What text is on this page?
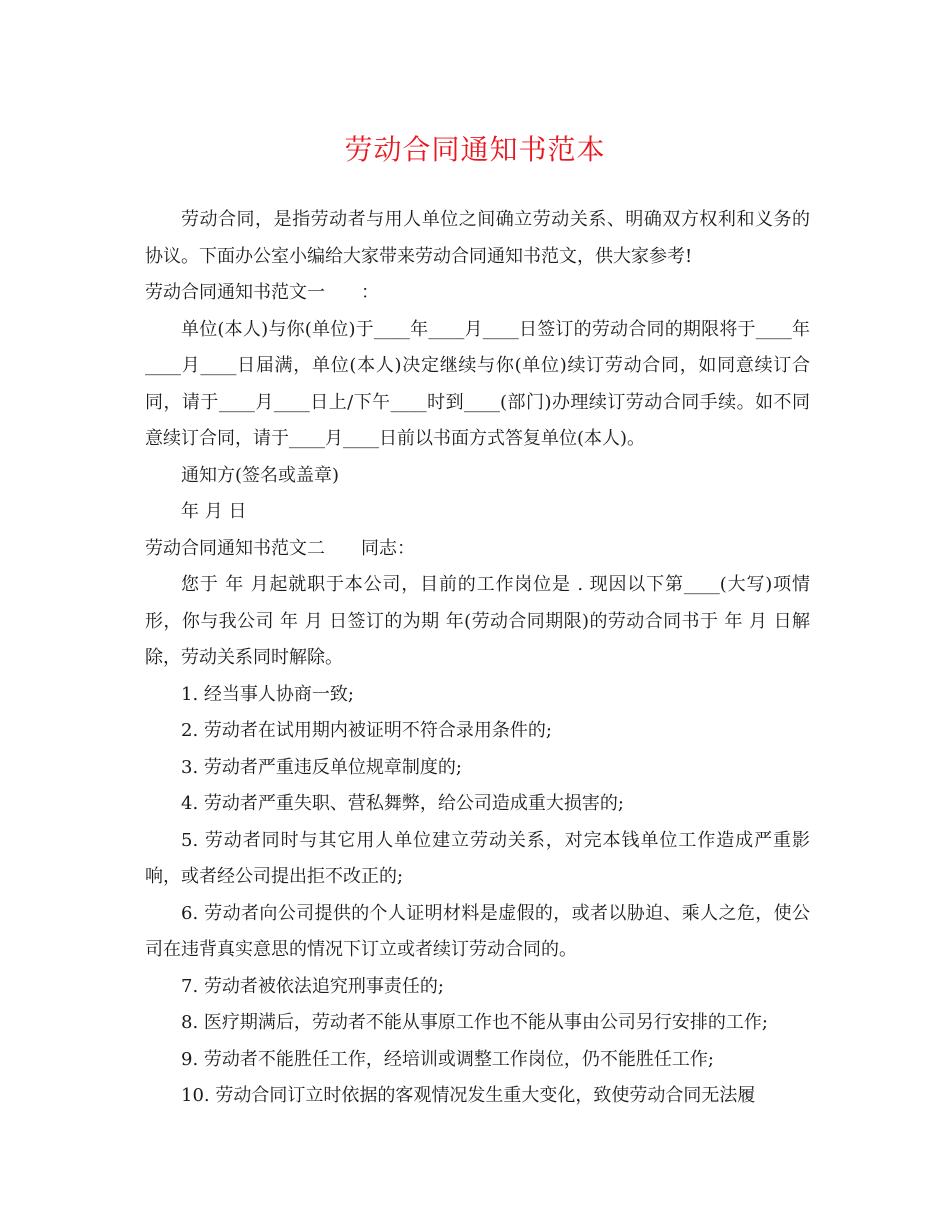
劳动合同通知书范本

劳动合同，是指劳动者与用人单位之间确立劳动关系、明确双方权利和义务的协议。下面办公室小编给大家带来劳动合同通知书范文，供大家参考!

劳动合同通知书范文一　　：

单位(本人)与你(单位)于____年____月____日签订的劳动合同的期限将于____年____月____日届满，单位(本人)决定继续与你(单位)续订劳动合同，如同意续订合同，请于____月____日上/下午____时到____(部门)办理续订劳动合同手续。如不同意续订合同，请于____月____日前以书面方式答复单位(本人)。

通知方(签名或盖章)

年 月 日

劳动合同通知书范文二　　同志：

您于 年 月起就职于本公司，目前的工作岗位是 . 现因以下第____(大写)项情形，你与我公司 年 月 日签订的为期 年(劳动合同期限)的劳动合同书于 年 月 日解除，劳动关系同时解除。

1. 经当事人协商一致;

2. 劳动者在试用期内被证明不符合录用条件的;

3. 劳动者严重违反单位规章制度的;

4. 劳动者严重失职、营私舞弊，给公司造成重大损害的;

5. 劳动者同时与其它用人单位建立劳动关系，对完本钱单位工作造成严重影响，或者经公司提出拒不改正的;

6. 劳动者向公司提供的个人证明材料是虚假的，或者以胁迫、乘人之危，使公司在违背真实意思的情况下订立或者续订劳动合同的。

7. 劳动者被依法追究刑事责任的;

8. 医疗期满后，劳动者不能从事原工作也不能从事由公司另行安排的工作;

9. 劳动者不能胜任工作，经培训或调整工作岗位，仍不能胜任工作;

10. 劳动合同订立时依据的客观情况发生重大变化，致使劳动合同无法履
